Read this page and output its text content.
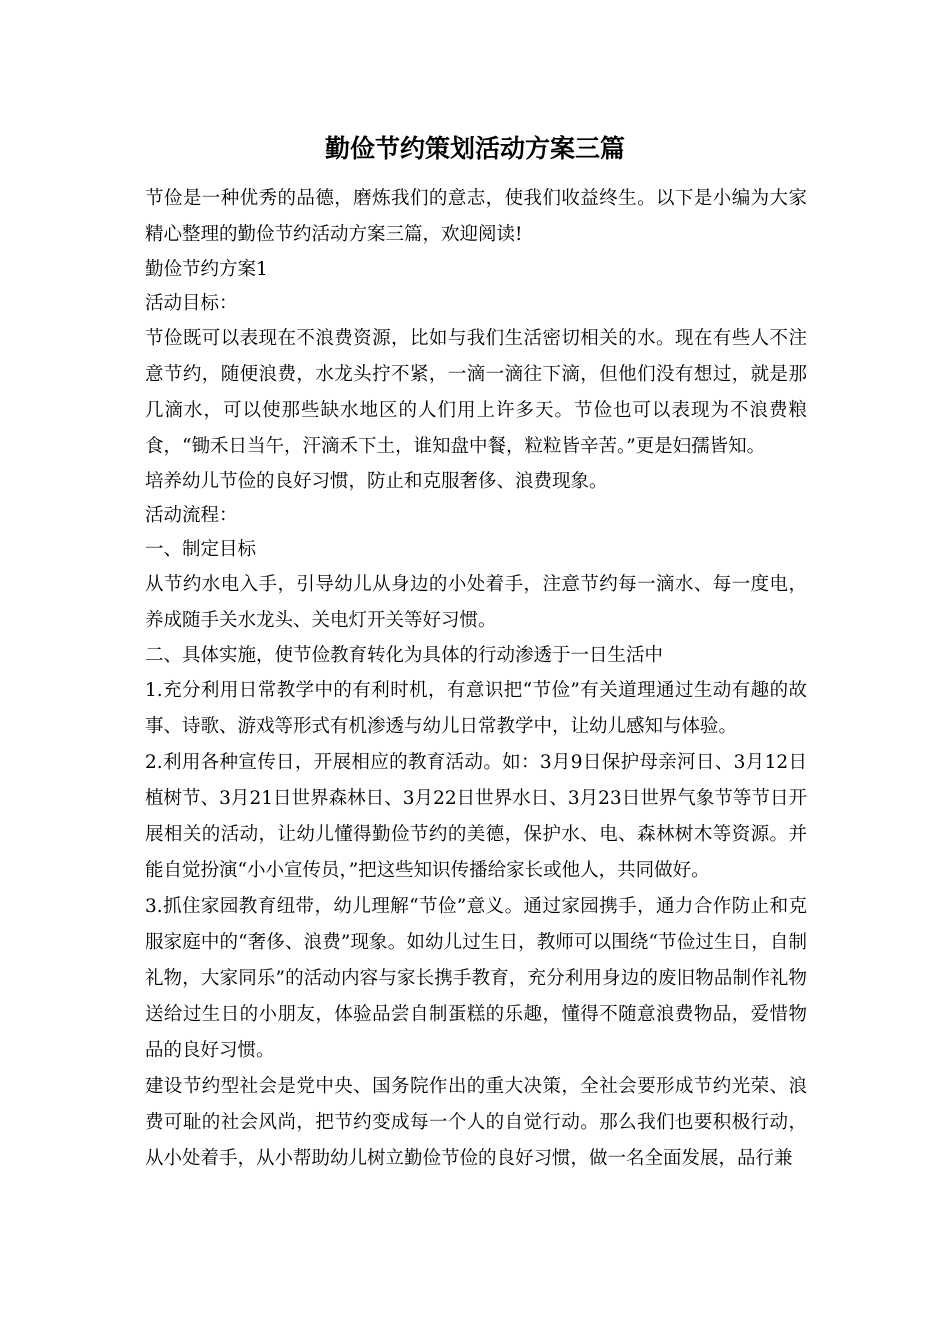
勤俭节约策划活动方案三篇

节俭是一种优秀的品德，磨炼我们的意志，使我们收益终生。以下是小编为大家精心整理的勤俭节约活动方案三篇，欢迎阅读!

勤俭节约方案1

活动目标：

节俭既可以表现在不浪费资源，比如与我们生活密切相关的水。现在有些人不注意节约，随便浪费，水龙头拧不紧，一滴一滴往下滴，但他们没有想过，就是那几滴水，可以使那些缺水地区的人们用上许多天。节俭也可以表现为不浪费粮食，“锄禾日当午，汗滴禾下土，谁知盘中餐，粒粒皆辛苦。”更是妇孺皆知。

培养幼儿节俭的良好习惯，防止和克服奢侈、浪费现象。

活动流程：

一、制定目标

从节约水电入手，引导幼儿从身边的小处着手，注意节约每一滴水、每一度电，养成随手关水龙头、关电灯开关等好习惯。

二、具体实施，使节俭教育转化为具体的行动渗透于一日生活中

1.充分利用日常教学中的有利时机，有意识把“节俭”有关道理通过生动有趣的故事、诗歌、游戏等形式有机渗透与幼儿日常教学中，让幼儿感知与体验。

2.利用各种宣传日，开展相应的教育活动。如：3月9日保护母亲河日、3月12日植树节、3月21日世界森林日、3月22日世界水日、3月23日世界气象节等节日开展相关的活动，让幼儿懂得勤俭节约的美德，保护水、电、森林树木等资源。并能自觉扮演“小小宣传员，”把这些知识传播给家长或他人，共同做好。

3.抓住家园教育纽带，幼儿理解“节俭”意义。通过家园携手，通力合作防止和克服家庭中的“奢侈、浪费”现象。如幼儿过生日，教师可以围绕“节俭过生日，自制礼物，大家同乐”的活动内容与家长携手教育，充分利用身边的废旧物品制作礼物送给过生日的小朋友，体验品尝自制蛋糕的乐趣，懂得不随意浪费物品，爱惜物品的良好习惯。

建设节约型社会是党中央、国务院作出的重大决策，全社会要形成节约光荣、浪费可耻的社会风尚，把节约变成每一个人的自觉行动。那么我们也要积极行动，从小处着手，从小帮助幼儿树立勤俭节俭的良好习惯，做一名全面发展，品行兼
